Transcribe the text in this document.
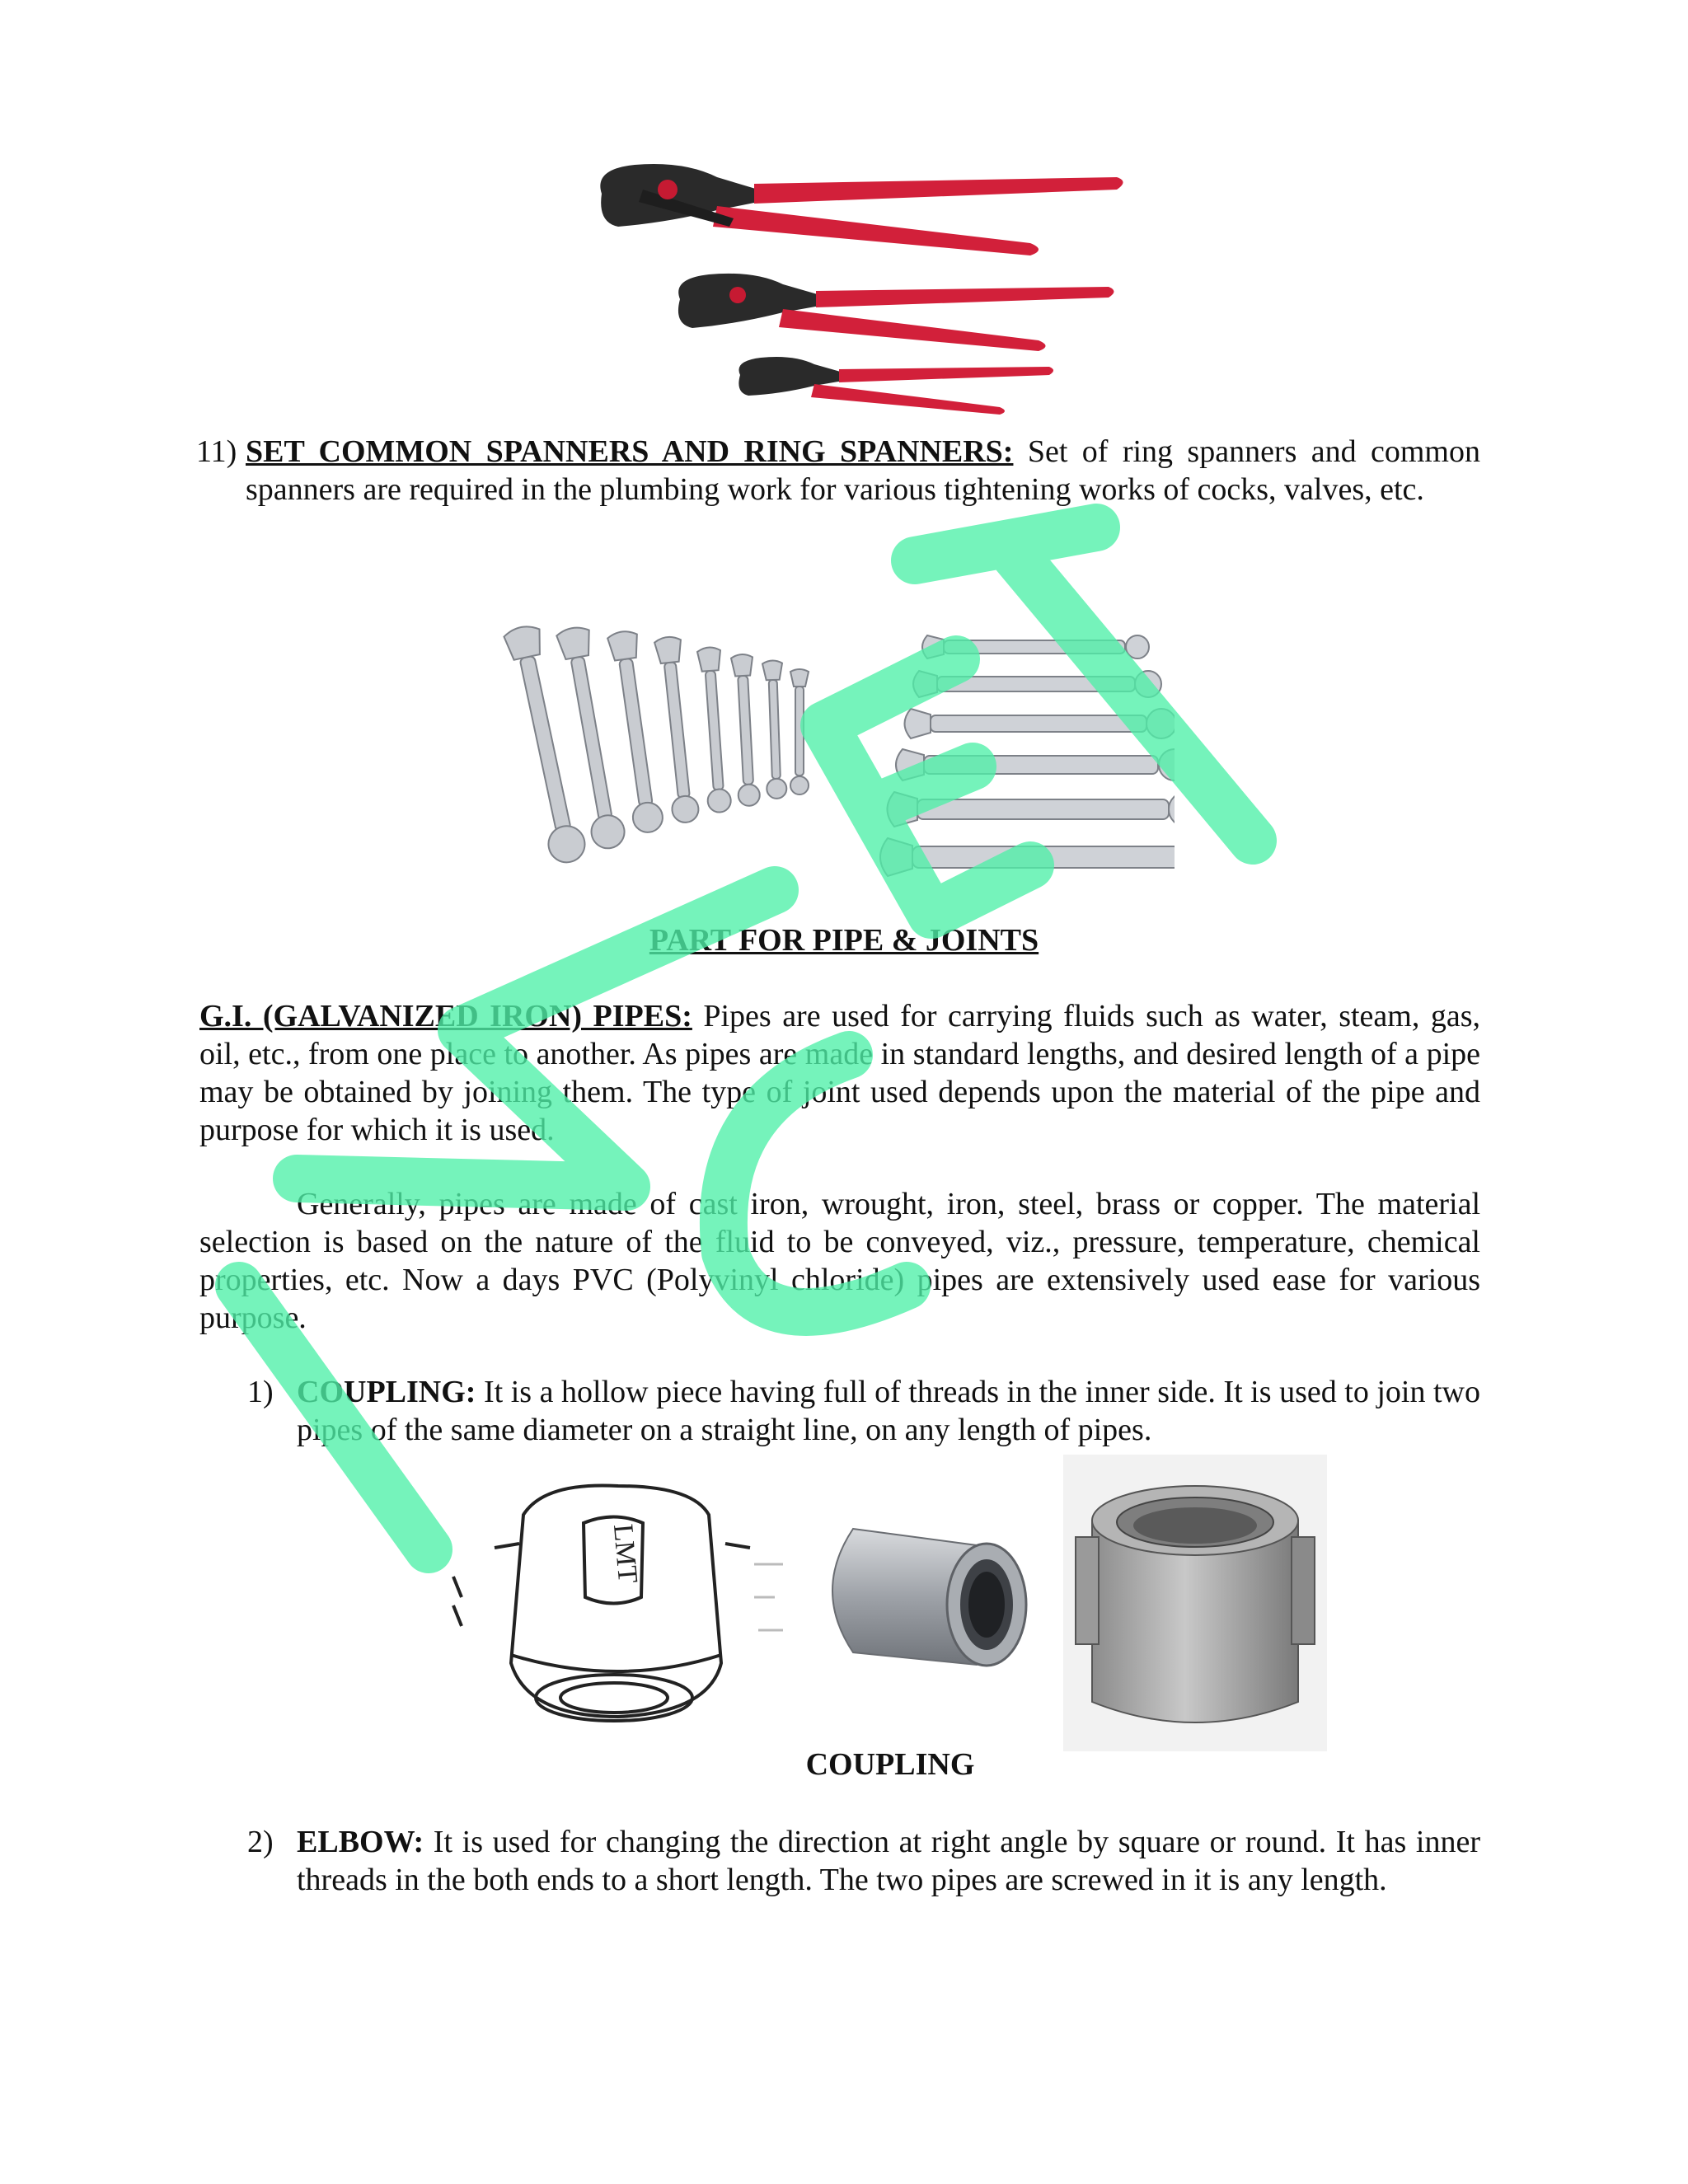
11) SET COMMON SPANNERS AND RING SPANNERS: Set of ring spanners and common spanners are required in the plumbing work for various tightening works of cocks, valves, etc.
PART FOR PIPE & JOINTS
G.I. (GALVANIZED IRON) PIPES: Pipes are used for carrying fluids such as water, steam, gas, oil, etc., from one place to another. As pipes are made in standard lengths, and desired length of a pipe may be obtained by joining them. The type of joint used depends upon the material of the pipe and purpose for which it is used.
Generally, pipes are made of cast iron, wrought, iron, steel, brass or copper. The material selection is based on the nature of the fluid to be conveyed, viz., pressure, temperature, chemical properties, etc. Now a days PVC (Polyvinyl chloride) pipes are extensively used ease for various purpose.
1) COUPLING: It is a hollow piece having full of threads in the inner side. It is used to join two pipes of the same diameter on a straight line, on any length of pipes.
LMT
COUPLING
2) ELBOW: It is used for changing the direction at right angle by square or round. It has inner threads in the both ends to a short length. The two pipes are screwed in it is any length.
